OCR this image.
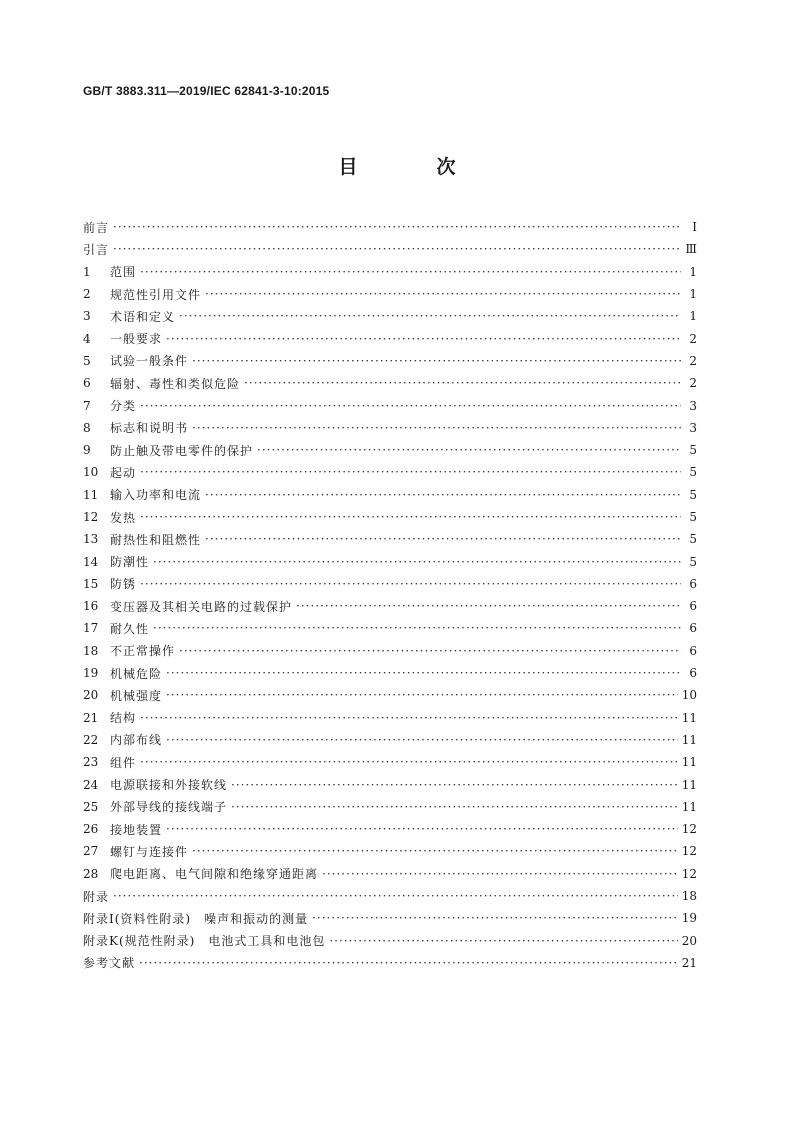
GB/T 3883.311—2019/IEC 62841-3-10:2015
目　次
前言 ·····	Ⅰ
引言 ·····	Ⅲ
1	范围 ·····	1
2	规范性引用文件 ·····	1
3	术语和定义 ·····	1
4	一般要求 ·····	2
5	试验一般条件 ·····	2
6	辐射、毒性和类似危险 ·····	2
7	分类 ·····	3
8	标志和说明书 ·····	3
9	防止触及带电零件的保护 ·····	5
10 起动 ·····	5
11 输入功率和电流 ·····	5
12 发热 ·····	5
13 耐热性和阻燃性 ·····	5
14 防潮性 ·····	5
15 防锈 ·····	6
16 变压器及其相关电路的过载保护 ·····	6
17 耐久性 ·····	6
18 不正常操作 ·····	6
19 机械危险 ·····	6
20 机械强度 ·····	10
21 结构 ·····	11
22 内部布线 ·····	11
23 组件 ·····	11
24 电源联接和外接软线 ·····	11
25 外部导线的接线端子 ·····	11
26 接地装置 ·····	12
27 螺钉与连接件 ·····	12
28 爬电距离、电气间隙和绝缘穿通距离 ·····	12
附录 ·····	18
附录Ⅰ(资料性附录)　噪声和振动的测量 ·····	19
附录K(规范性附录)　电池式工具和电池包 ·····	20
参考文献 ·····	21
